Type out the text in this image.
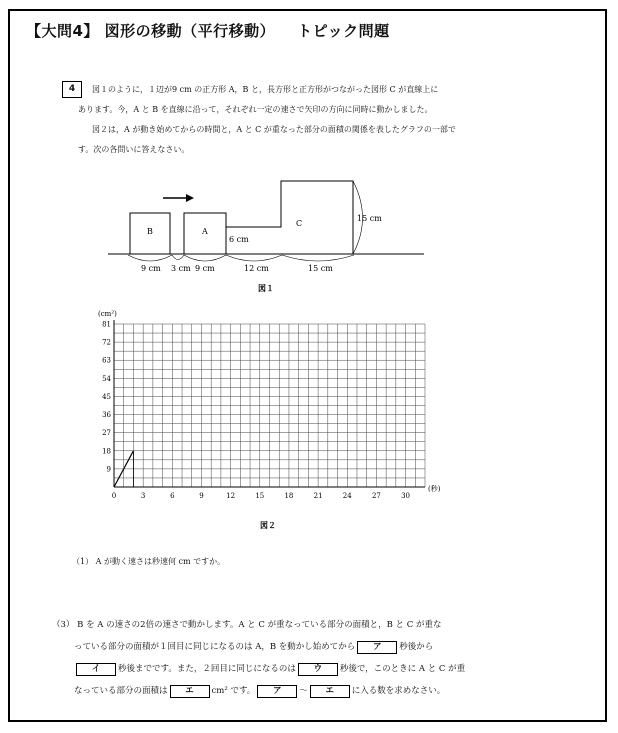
【大問4】 図形の移動（平行移動） トピック問題
4	図１のように，１辺が9 cm の正方形 A，B と，長方形と正方形がつながった図形 C が直線上に

あります。今，A と B を直線に沿って，それぞれ一定の速さで矢印の方向に同時に動かしました。
図２は，A が動き始めてからの時間と，A と C が重なった部分の面積の関係を表したグラフの一部で
す。次の各問いに答えなさい。
B	A
C
6 cm
15 cm
9 cm 3 cm 9 cm	12 cm	15 cm
図１
0	3	6	9	12	15	18	21	24	27	30
9
18
27
36
45
54
63
72
81
(cm²)
(秒)
図２
（1） A が動く速さは秒速何 cm ですか。
（3） B を A の速さの2倍の速さで動かします。A と C が重なっている部分の面積と，B と C が重な
っている部分の面積が１回目に同じになるのは A，B を動かし始めてから ア 秒後から
イ 秒後までです。また，２回目に同じになるのは ウ 秒後で，このときに A と C が重
なっている部分の面積は エ cm² です。 ア ～ エ に入る数を求めなさい。
